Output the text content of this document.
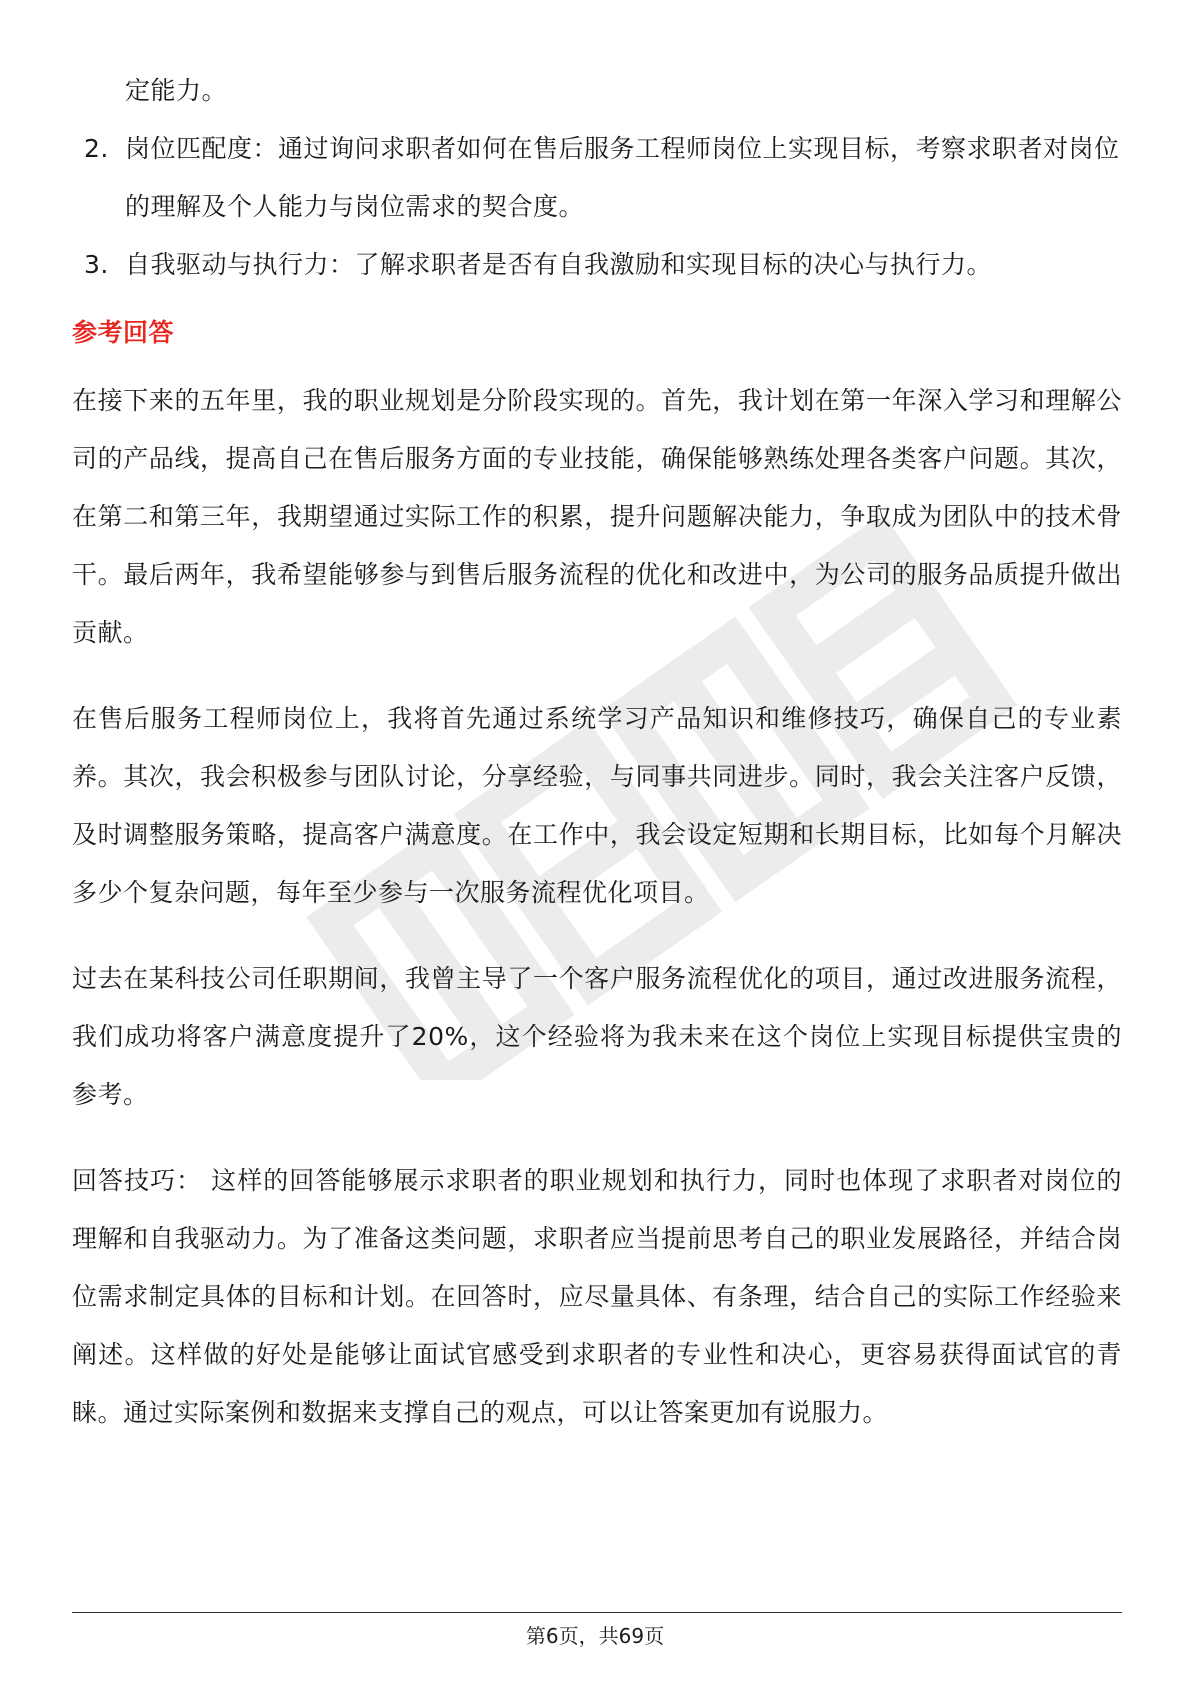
定能力。

2. 岗位匹配度：通过询问求职者如何在售后服务工程师岗位上实现目标，考察求职者对岗位的理解及个人能力与岗位需求的契合度。
3. 自我驱动与执行力：了解求职者是否有自我激励和实现目标的决心与执行力。
参考回答

在接下来的五年里，我的职业规划是分阶段实现的。首先，我计划在第一年深入学习和理解公司的产品线，提高自己在售后服务方面的专业技能，确保能够熟练处理各类客户问题。其次，在第二和第三年，我期望通过实际工作的积累，提升问题解决能力，争取成为团队中的技术骨干。最后两年，我希望能够参与到售后服务流程的优化和改进中，为公司的服务品质提升做出贡献。

在售后服务工程师岗位上，我将首先通过系统学习产品知识和维修技巧，确保自己的专业素养。其次，我会积极参与团队讨论，分享经验，与同事共同进步。同时，我会关注客户反馈，及时调整服务策略，提高客户满意度。在工作中，我会设定短期和长期目标，比如每个月解决多少个复杂问题，每年至少参与一次服务流程优化项目。

过去在某科技公司任职期间，我曾主导了一个客户服务流程优化的项目，通过改进服务流程，我们成功将客户满意度提升了20%，这个经验将为我未来在这个岗位上实现目标提供宝贵的参考。

回答技巧： 这样的回答能够展示求职者的职业规划和执行力，同时也体现了求职者对岗位的理解和自我驱动力。为了准备这类问题，求职者应当提前思考自己的职业发展路径，并结合岗位需求制定具体的目标和计划。在回答时，应尽量具体、有条理，结合自己的实际工作经验来阐述。这样做的好处是能够让面试官感受到求职者的专业性和决心，更容易获得面试官的青睐。通过实际案例和数据来支撑自己的观点，可以让答案更加有说服力。

第6页，共69页
